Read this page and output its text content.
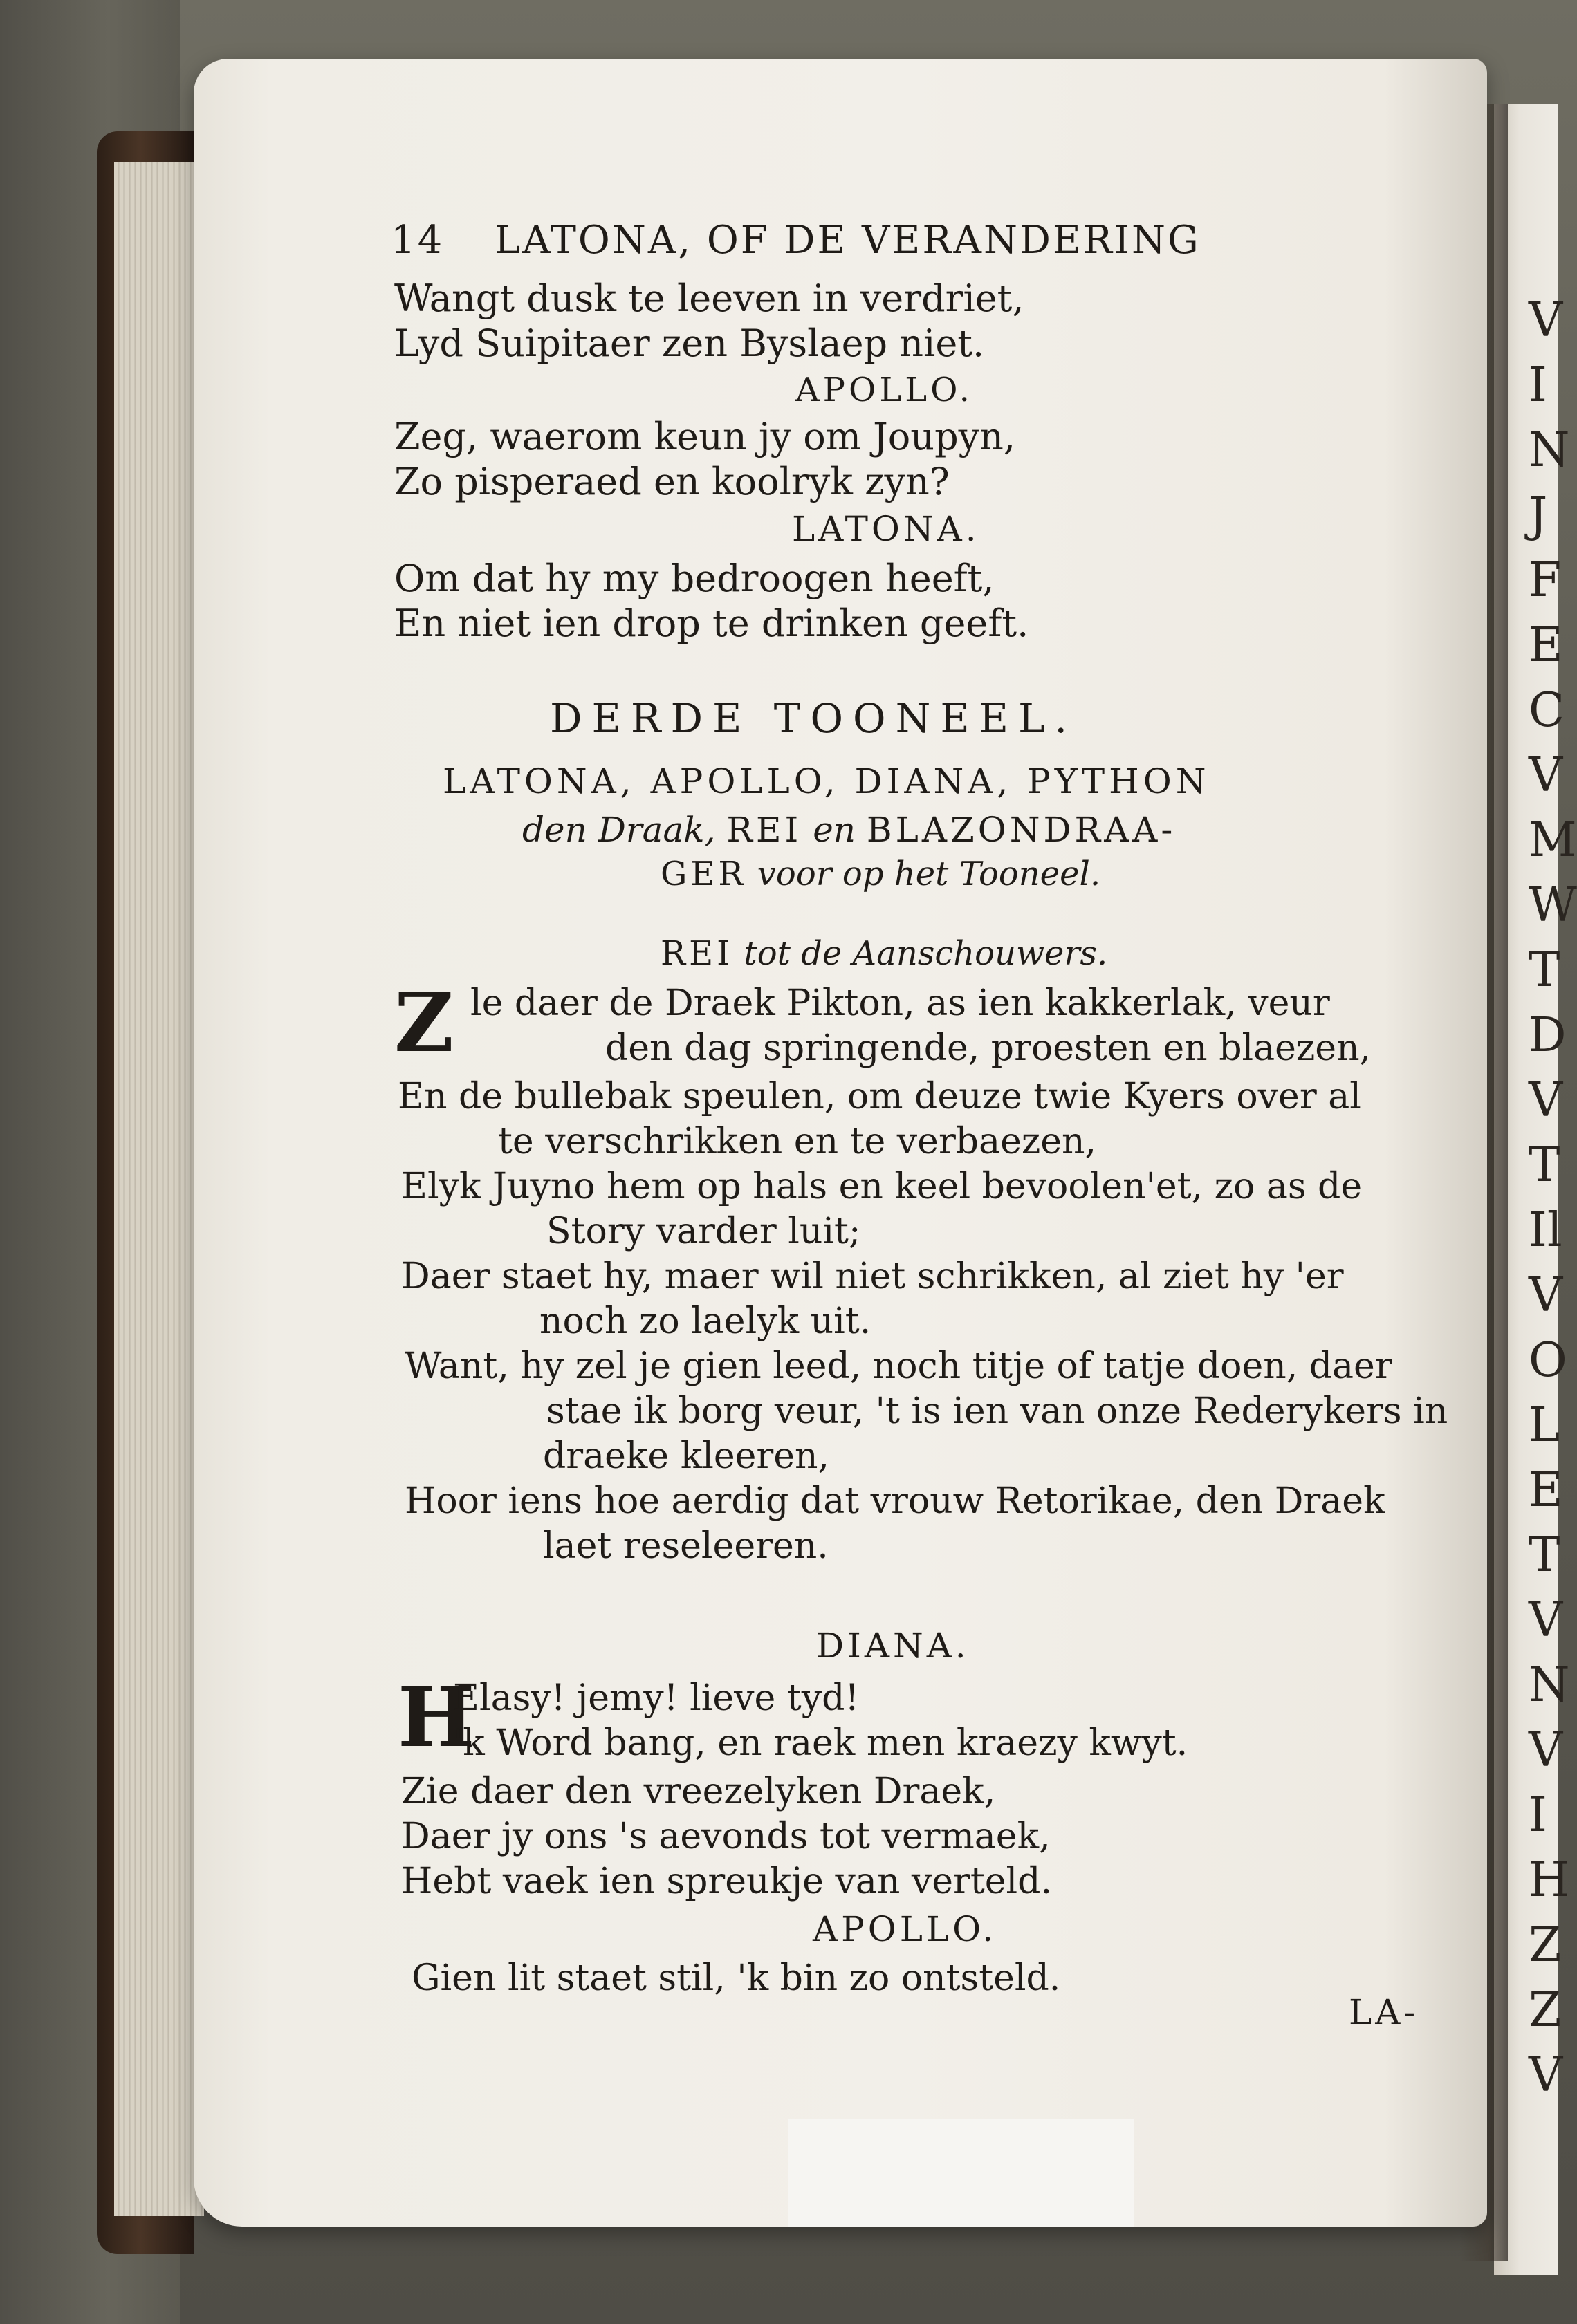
14 LATONA, OF DE VERANDERING
Wangt dusk te leeven in verdriet,
Lyd Suipitaer zen Byslaep niet.
APOLLO.
Zeg, waerom keun jy om Joupyn,
Zo pisperaed en koolryk zyn?
LATONA.
Om dat hy my bedroogen heeft,
En niet ien drop te drinken geeft.
DERDE TOONEEL.
LATONA, APOLLO, DIANA, PYTHON
den Draak, REI en BLAZONDRAA-
GER voor op het Tooneel.
REI tot de Aanschouwers.
Z le daer de Draek Pikton, as ien kakkerlak, veur
den dag springende, proesten en blaezen,
En de bullebak speulen, om deuze twie Kyers over al
te verschrikken en te verbaezen,
Elyk Juyno hem op hals en keel bevoolen'et, zo as de
Story varder luit;
Daer staet hy, maer wil niet schrikken, al ziet hy 'er
noch zo laelyk uit.
Want, hy zel je gien leed, noch titje of tatje doen, daer
stae ik borg veur, 't is ien van onze Rederykers in
draeke kleeren,
Hoor iens hoe aerdig dat vrouw Retorikae, den Draek
laet reseleeren.
DIANA.
H
Elasy! jemy! lieve tyd!
'k Word bang, en raek men kraezy kwyt.
Zie daer den vreezelyken Draek,
Daer jy ons 's aevonds tot vermaek,
Hebt vaek ien spreukje van verteld.
APOLLO.
Gien lit staet stil, 'k bin zo ontsteld.
LA-
V
I
N
J
F
E
C
V
M
W
T
D
V
T
Il
V
O
L
E
T
V
N
V
I
H
Z
Z
V
